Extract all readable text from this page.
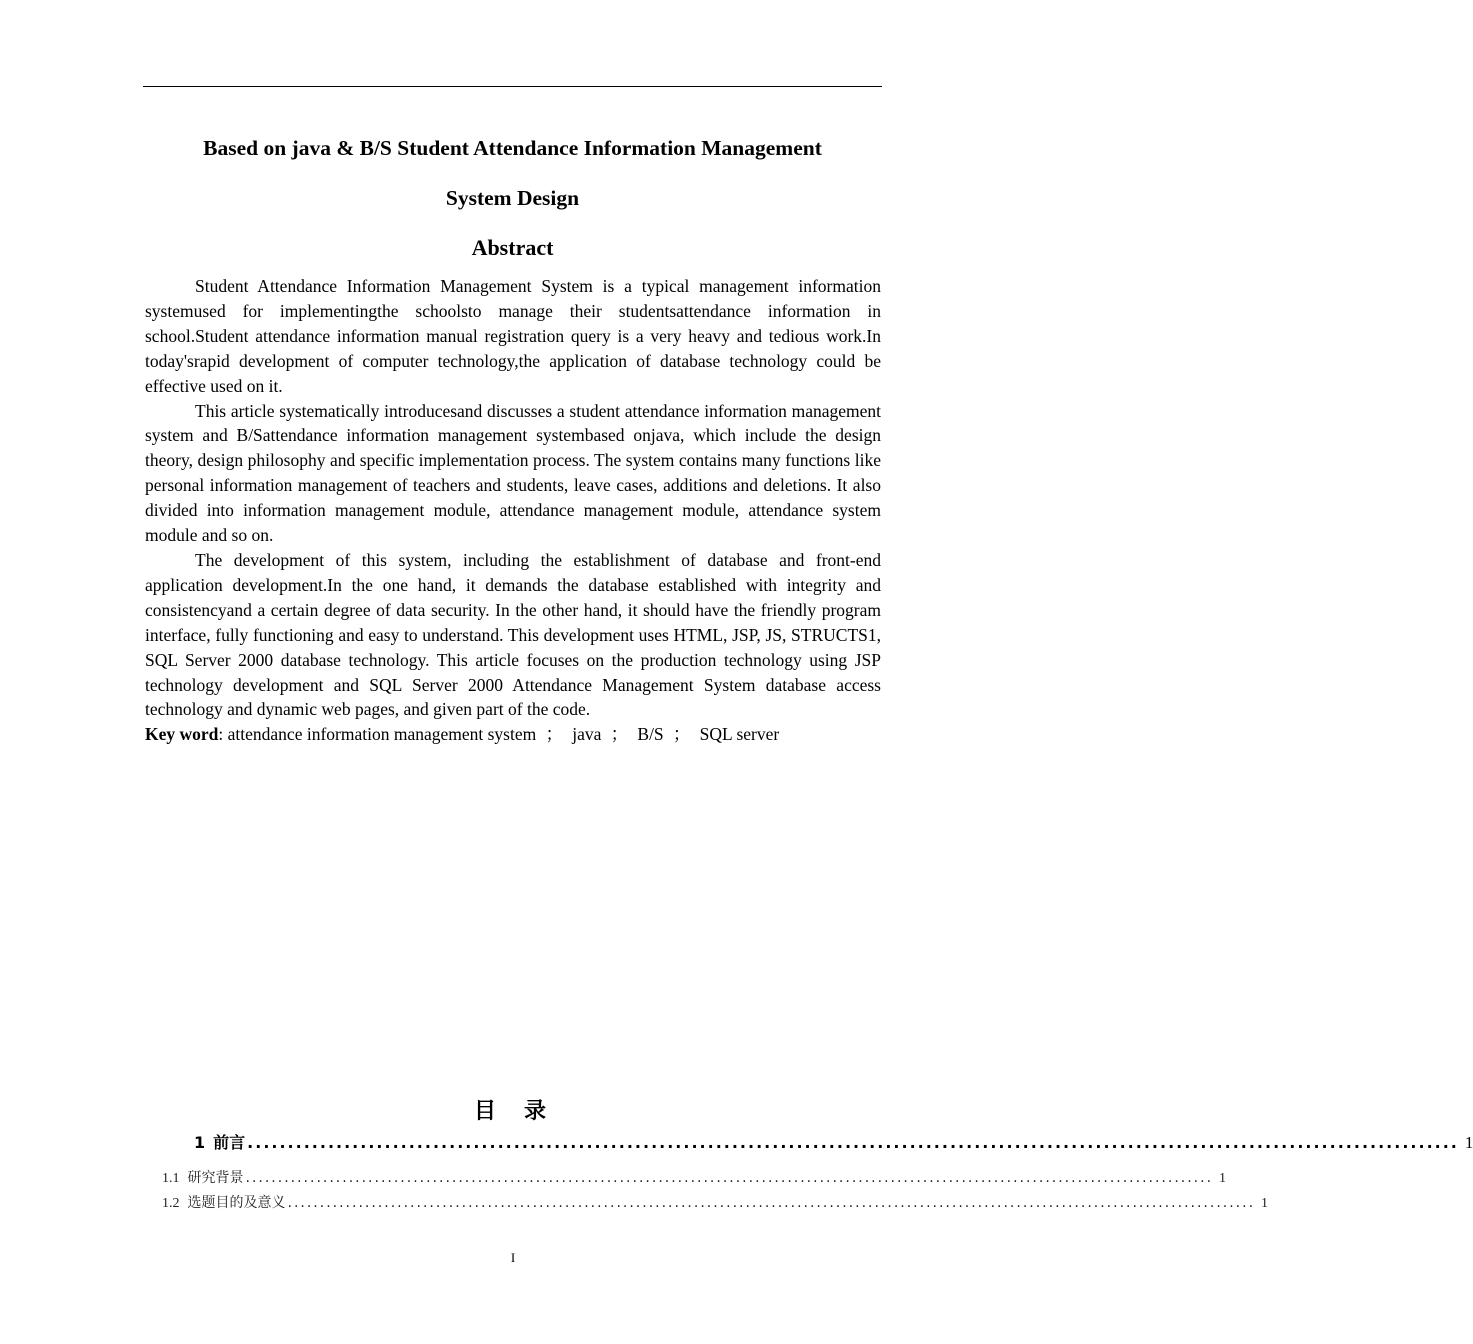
Based on java & B/S Student Attendance Information Management
System Design
Abstract

Student Attendance Information Management System is a typical management information systemused for implementingthe schoolsto manage their studentsattendance information in school.Student attendance information manual registration query is a very heavy and tedious work.In today'srapid development of computer technology,the application of database technology could be effective used on it.

This article systematically introducesand discusses a student attendance information management system and B/Sattendance information management systembased onjava, which include the design theory, design philosophy and specific implementation process. The system contains many functions like personal information management of teachers and students, leave cases, additions and deletions. It also divided into information management module, attendance management module, attendance system module and so on.

The development of this system, including the establishment of database and front-end application development.In the one hand, it demands the database established with integrity and consistencyand a certain degree of data security. In the other hand, it should have the friendly program interface, fully functioning and easy to understand. This development uses HTML, JSP, JS, STRUCTS1, SQL Server 2000 database technology. This article focuses on the production technology using JSP technology development and SQL Server 2000 Attendance Management System database access technology and dynamic web pages, and given part of the code.

Key word: attendance information management system ； java ； B/S ； SQL server
目录
1 前言 ...................................................................................................................................................... 1
1.1 研究背景 ...................................................................................................................................................... 1
1.2 选题目的及意义 ...................................................................................................................................................... 1
I
